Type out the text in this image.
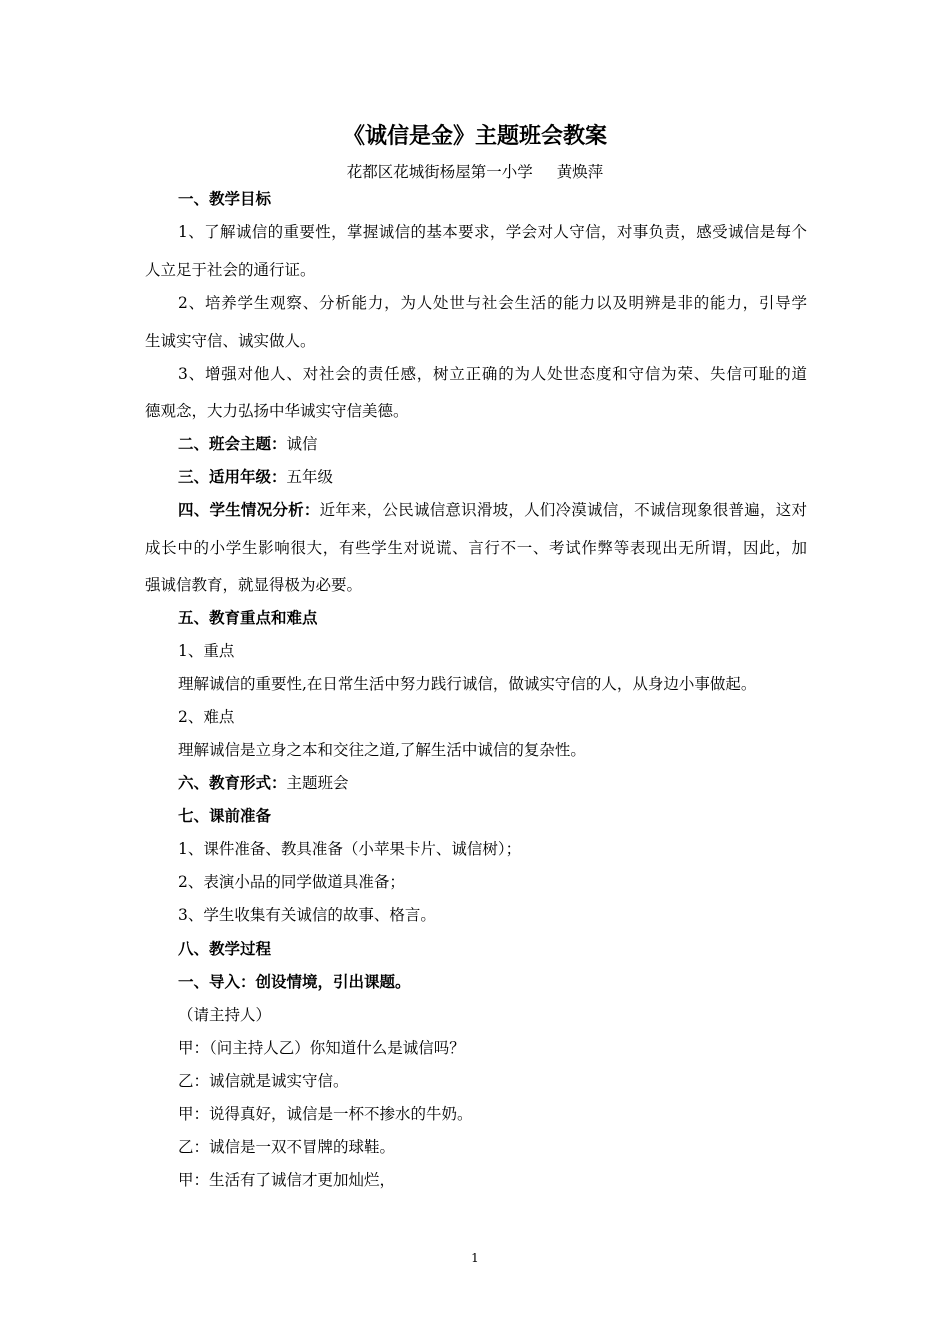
《诚信是金》主题班会教案
花都区花城街杨屋第一小学 黄焕萍
一、教学目标
1、了解诚信的重要性，掌握诚信的基本要求，学会对人守信，对事负责，感受诚信是每个
人立足于社会的通行证。
2、培养学生观察、分析能力，为人处世与社会生活的能力以及明辨是非的能力，引导学
生诚实守信、诚实做人。
3、增强对他人、对社会的责任感，树立正确的为人处世态度和守信为荣、失信可耻的道
德观念，大力弘扬中华诚实守信美德。
二、班会主题：诚信
三、适用年级：五年级
四、学生情况分析：近年来，公民诚信意识滑坡，人们冷漠诚信，不诚信现象很普遍，这对
成长中的小学生影响很大，有些学生对说谎、言行不一、考试作弊等表现出无所谓，因此，加
强诚信教育，就显得极为必要。
五、教育重点和难点
1、重点
理解诚信的重要性,在日常生活中努力践行诚信，做诚实守信的人，从身边小事做起。
2、难点
理解诚信是立身之本和交往之道,了解生活中诚信的复杂性。
六、教育形式：主题班会
七、课前准备
1、课件准备、教具准备（小苹果卡片、诚信树）；
2、表演小品的同学做道具准备；
3、学生收集有关诚信的故事、格言。
八、教学过程
一、导入：创设情境，引出课题。
（请主持人）
甲：（问主持人乙）你知道什么是诚信吗？
乙：诚信就是诚实守信。
甲：说得真好，诚信是一杯不掺水的牛奶。
乙：诚信是一双不冒牌的球鞋。
甲：生活有了诚信才更加灿烂，
1
